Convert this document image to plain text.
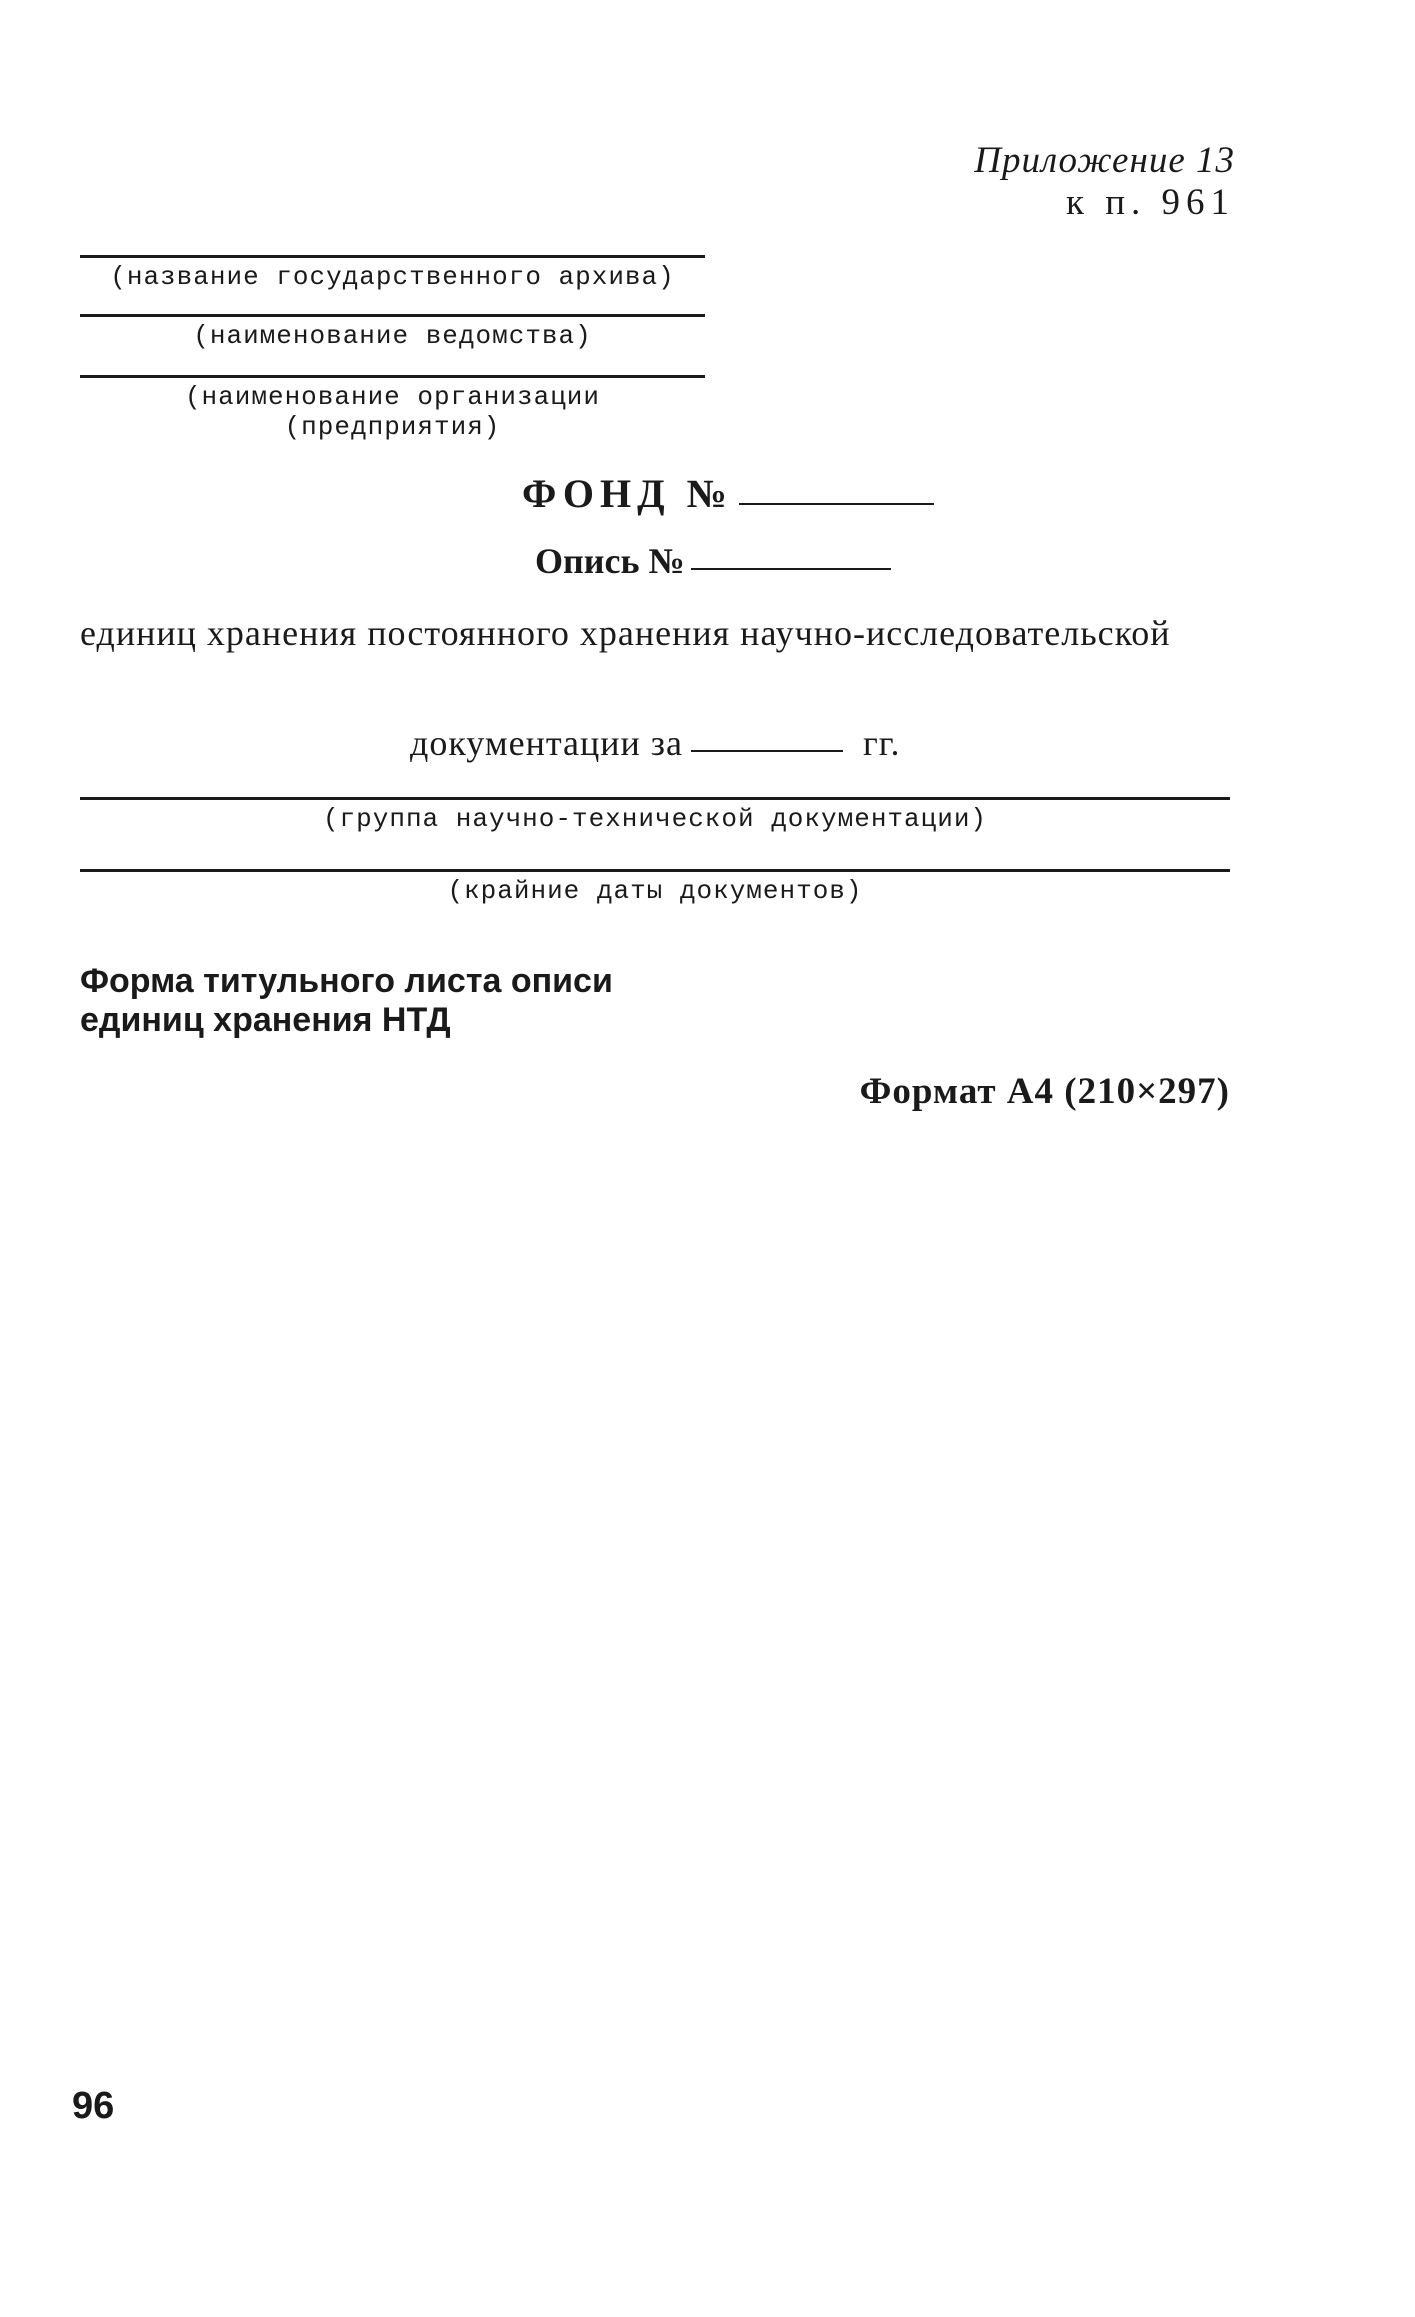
Приложение 13
к п. 961
(название государственного архива)
(наименование ведомства)
(наименование организации (предприятия)
ФОНД №
Опись №
единиц хранения постоянного хранения научно-исследовательской
документации за	гг.
(группа научно-технической документации)
(крайние даты документов)
Форма титульного листа описи
единиц хранения НТД
Формат А4 (210×297)
96
